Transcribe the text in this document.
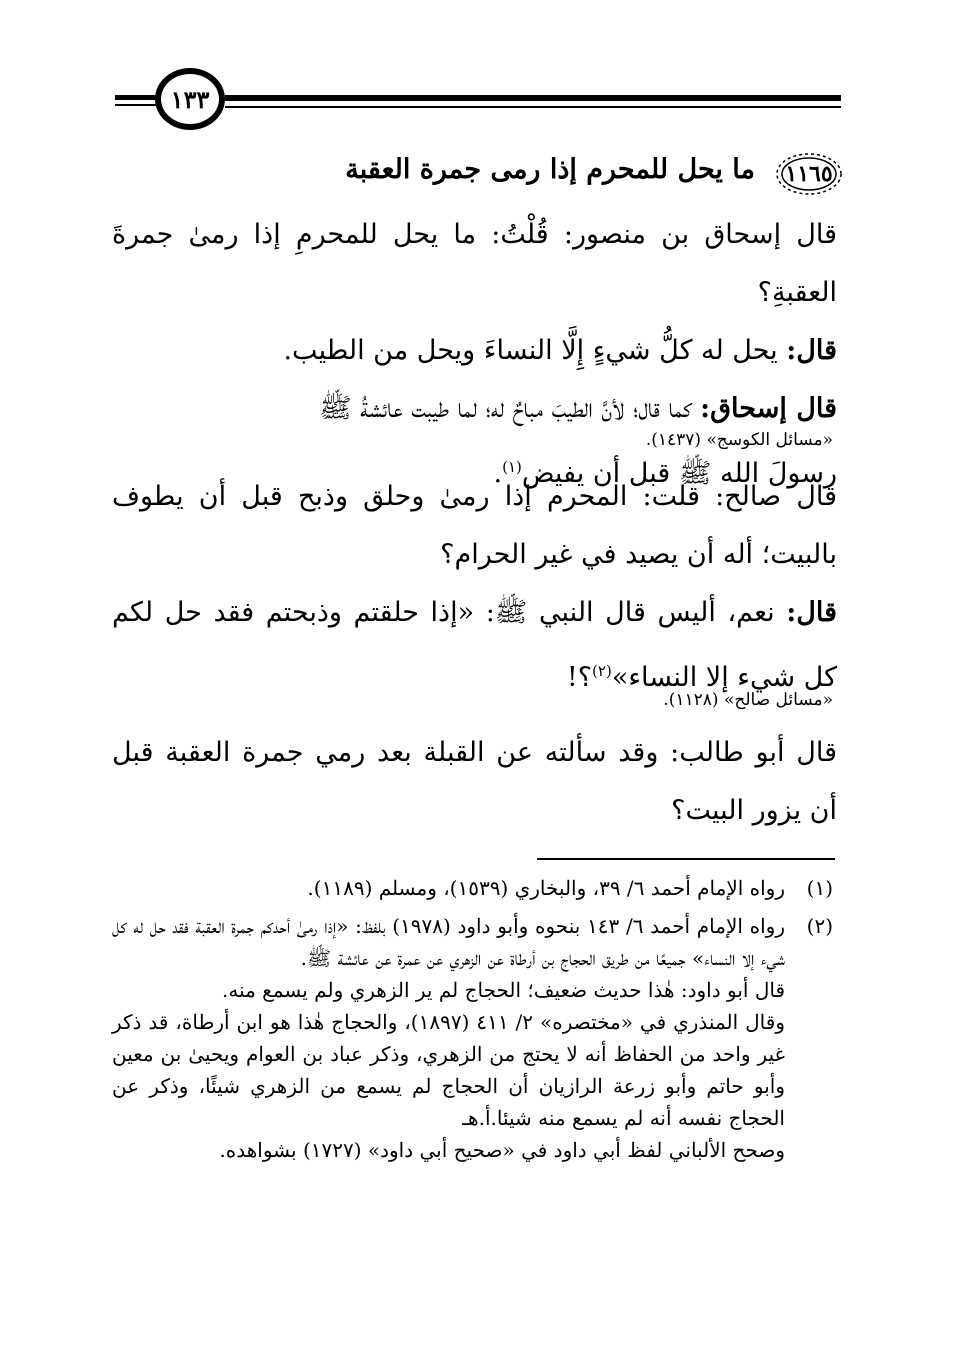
١٣٣
١١٦٥
ما يحل للمحرم إذا رمى جمرة العقبة
قال إسحاق بن منصور: قُلْتُ: ما يحل للمحرمِ إذا رمىٰ جمرةَ العقبةِ؟
قال: يحل له كلُّ شيءٍ إِلَّا النساءَ ويحل من الطيب.
قال إسحاق: كما قال؛ لأنَّ الطيبَ مباحٌ له؛ لما طيبت عائشةُ ﷺ
رسولَ الله ﷺ قبل أن يفيض$^{(١)}$.
«مسائل الكوسج» (١٤٣٧).
قال صالح: قلت: المحرم إذا رمىٰ وحلق وذبح قبل أن يطوف بالبيت؛ أله أن يصيد في غير الحرام؟
قال: نعم، أليس قال النبي ﷺ: «إذا حلقتم وذبحتم فقد حل لكم كل شيء إلا النساء»$^{(٢)}$؟!
«مسائل صالح» (١١٢٨).
قال أبو طالب: وقد سألته عن القبلة بعد رمي جمرة العقبة قبل أن يزور البيت؟
(١)
رواه الإمام أحمد ٦/ ٣٩، والبخاري (١٥٣٩)، ومسلم (١١٨٩).
(٢)
رواه الإمام أحمد ٦/ ١٤٣ بنحوه وأبو داود (١٩٧٨) بلفظ: «إذا رمىٰ أحدكم جمرة العقبة فقد حل له كل شيء إلا النساء» جميعًا من طريق الحجاج بن أرطاة عن الزهري عن عمرة عن عائشة ﷺ.
قال أبو داود: هٰذا حديث ضعيف؛ الحجاج لم ير الزهري ولم يسمع منه.
وقال المنذري في «مختصره» ٢/ ٤١١ (١٨٩٧)، والحجاج هٰذا هو ابن أرطاة، قد ذكر غير واحد من الحفاظ أنه لا يحتج من الزهري، وذكر عباد بن العوام ويحيىٰ بن معين وأبو حاتم وأبو زرعة الرازيان أن الحجاج لم يسمع من الزهري شيئًا، وذكر عن الحجاج نفسه أنه لم يسمع منه شيئا.أ.هـ
وصحح الألباني لفظ أبي داود في «صحيح أبي داود» (١٧٢٧) بشواهده.
